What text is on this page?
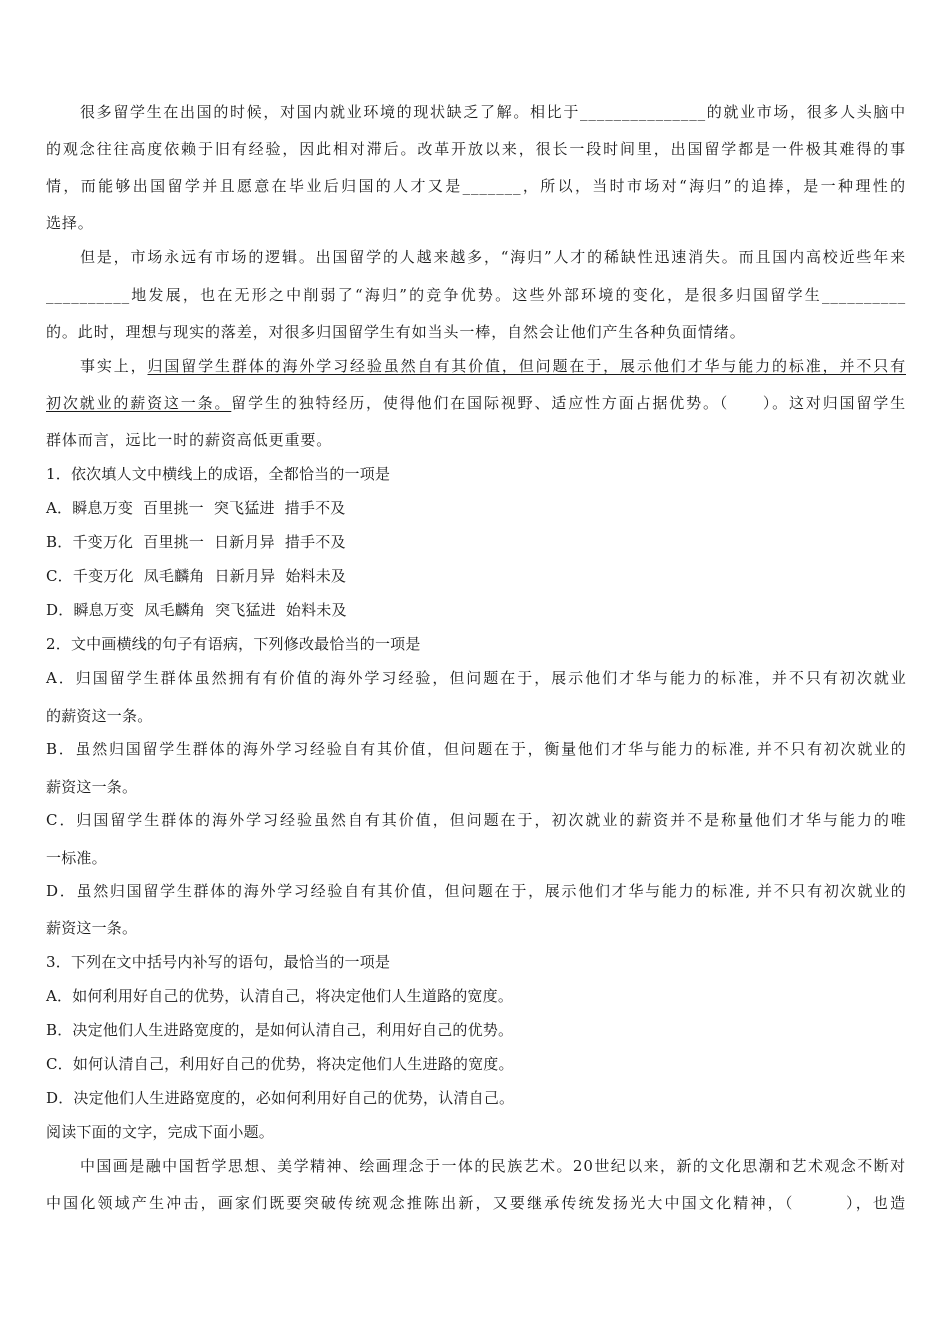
很多留学生在出国的时候，对国内就业环境的现状缺乏了解。相比于_______________的就业市场，很多人头脑中
的观念往往高度依赖于旧有经验，因此相对滞后。改革开放以来，很长一段时间里，出国留学都是一件极其难得的事
情，而能够出国留学并且愿意在毕业后归国的人才又是_______，所以，当时市场对“海归”的追捧，是一种理性的
选择。
但是，市场永远有市场的逻辑。出国留学的人越来越多，“海归”人才的稀缺性迅速消失。而且国内高校近些年来
__________地发展，也在无形之中削弱了“海归”的竞争优势。这些外部环境的变化，是很多归国留学生__________
的。此时，理想与现实的落差，对很多归国留学生有如当头一棒，自然会让他们产生各种负面情绪。
事实上，归国留学生群体的海外学习经验虽然自有其价值，但问题在于，展示他们才华与能力的标准，并不只有
初次就业的薪资这一条。留学生的独特经历，使得他们在国际视野、适应性方面占据优势。（　　）。这对归国留学生
群体而言，远比一时的薪资高低更重要。
1．依次填人文中横线上的成语，全都恰当的一项是
A．瞬息万变 百里挑一 突飞猛进 措手不及
B．千变万化 百里挑一 日新月异 措手不及
C．千变万化 凤毛麟角 日新月异 始料未及
D．瞬息万变 凤毛麟角 突飞猛进 始料未及
2．文中画横线的句子有语病，下列修改最恰当的一项是
A．归国留学生群体虽然拥有有价值的海外学习经验，但问题在于，展示他们才华与能力的标准，并不只有初次就业
的薪资这一条。
B．虽然归国留学生群体的海外学习经验自有其价值，但问题在于，衡量他们才华与能力的标准, 并不只有初次就业的
薪资这一条。
C．归国留学生群体的海外学习经验虽然自有其价值，但问题在于，初次就业的薪资并不是称量他们才华与能力的唯
一标准。
D．虽然归国留学生群体的海外学习经验自有其价值，但问题在于，展示他们才华与能力的标准, 并不只有初次就业的
薪资这一条。
3．下列在文中括号内补写的语句，最恰当的一项是
A．如何利用好自己的优势，认清自己，将决定他们人生道路的宽度。
B．决定他们人生进路宽度的，是如何认清自己，利用好自己的优势。
C．如何认清自己，利用好自己的优势，将决定他们人生进路的宽度。
D．决定他们人生进路宽度的，必如何利用好自己的优势，认清自己。
阅读下面的文字，完成下面小题。
中国画是融中国哲学思想、美学精神、绘画理念于一体的民族艺术。20世纪以来，新的文化思潮和艺术观念不断对
中国化领域产生冲击，画家们既要突破传统观念推陈出新，又要继承传统发扬光大中国文化精神，（　　　），也造
